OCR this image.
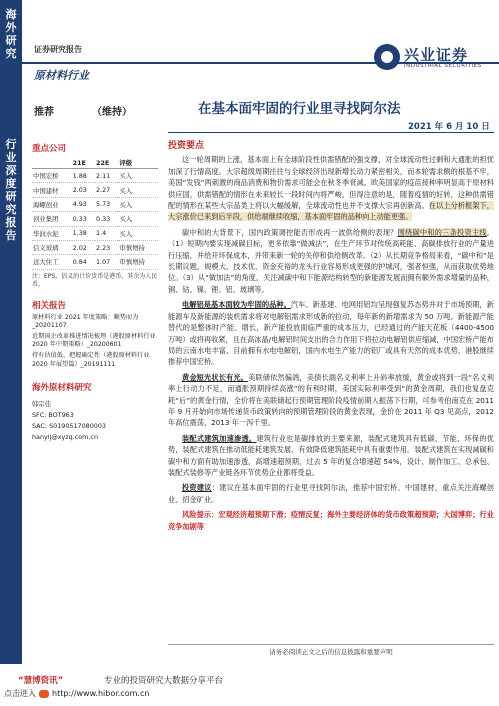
海外研究
行业深度研究报告
证券研究报告
原材料行业
兴业证券
INDUSTRIAL SECURITIES
推荐	（维持）	在基本面牢固的行业里寻找阿尔法
2021 年 6 月 10 日
重点公司
	21E	22E	评级
中国宏桥	1.88	2.11	买入
中国建材	2.03	2.27	买入
海螺创业	4.93	5.73	买入
创业集团	0.33	0.33	买入
华润水泥	1.38	1.4	买入
信义玻璃	2.02	2.23	审慎增持
远大住工	0.84	1.07	审慎增持
注：EPS，信义的计价货币是港币，其余为人民币。
相关报告
原材料行业 2021 年度策略：顺势而为_20201107
近期国企改革推进情况梳理（港股原材料行业 2020 年中期策略）_20200601
持有估值低、把握确定性（港股原材料行业 2020 年展望篇）_20191111
海外原材料研究
韩宗佳
SFC: BOT963
SAC: S0190517080003
hanyij@xyzq.com.cn
投资要点

这一轮周期的上涨，基本面上有全球阶段性供需错配的强支撑，对全球流动性过剩和大通胀的担忧加深了行情高度。大宗超级周期往往与全球经济出现新增长动力紧密相关，而本轮需求侧的根基不牢，美国“发钱”两刺激的商品消费和物价需求可能会在秋冬季衰减，欧美国家的疫苗接种率明显高于原材料供应国，供需错配的情形在未来较长一段时间内将严峻，但得注意的是，随着疫情的好转，这种供需错配的情形在某些大宗品类上将以大幅缓解，全球流动性也并不支撑大宗再创新高。在以上分析框架下，大宗涨价已来到后半段，供给端继续收缩，基本面牢固的品种向上动能更强。

碳中和的大背景下，国内政策调控能否形成再一波供给侧的表现？围绕碳中和的三条投资主线。（1）短期内要实现减碳目标，更多依靠“做减法”，在生产环节对传统高耗能、高碳排放行业的产量进行压缩，并给开环保成本，并带来新一轮的关停和供给侧改革。（2）从长期竞争格局来看，“碳中和”是长期议题，规模大、技术优、资金充裕的龙头行业容易形成更强的护城河，强者恒强，从而获取优势地位。（3）从“做加法”的角度，关注减碳中和下能源结构转型的新能源发展而拥有额外需求增量的品种，铜、钴、镍、锂、铝、玻璃等。

电解铝是基本面较为牢固的品种。汽车、新基建、电网用铝均呈现强复苏态势并对于市场预期，新能源车及新能源的装机需求将对电解铝需求形成新的拉动，每年新的新增需求为 50 万吨。新能源产能替代的是整体时产能、增长，新产能投放面临严重的成本压力，已经通过的产能天花板（4400-4500 万吨）或将再收紧，且在高冰晶/电解铝时间支出的合力作用下将拉动电解铝供应缩减，中国宏桥产能布局的云南水电丰富，目前拥有水电电解铝，国内水电生产能力的铝厂或具有天然的成本优势，港股继续推荐中国宏桥。

黄金短光状长有光。美联储依然偏鸽，美债长端名义利率上升斜率放缓，黄金或将到一段“名义利率上行动力不足，而通胀预期持续高涨”的有利时期，美国实际利率受到“的黄金周期，我们也复盘克耗“后”的黄金行情，全价将在美联储起行预期管理阶段疫情前期入振荡下行期，可参考伯南克在 2011 年 9 月开始向市场传递货币政策转向的预期管理阶段的黄金表现，金价在 2011 年 Q3 见高点，2012 年高位震荡，2013 年一泻千里。

装配式建筑加速渗透。建筑行业也是碳排放的主要来源，装配式建筑具有低碳、节能、环保的优势，装配式建筑在推动低能耗建筑发展、有效降低建筑能耗中具有重要作用。装配式建筑在实现减碳和碳中和方面有助加速渗透，高增速超预期，过去 5 年的复合增速超 54%，设计、制作加工、总承包、装配式装修等产业链各环节优势企业都将受益。

投资建议：建议在基本面牢固的行业里寻找阿尔法，推荐中国宏桥、中国建材，重点关注海螺创业、招金矿业。

风险提示：宏观经济超预期下滑；疫情反复；海外主要经济体的货币政策超预期；大国博弈；行业竞争加剧等

请务必阅读正文之后的信息披露和重要声明
“慧博资讯”	专业的投资研究大数据分享平台
点击进入 http://www.hibor.com.cn
